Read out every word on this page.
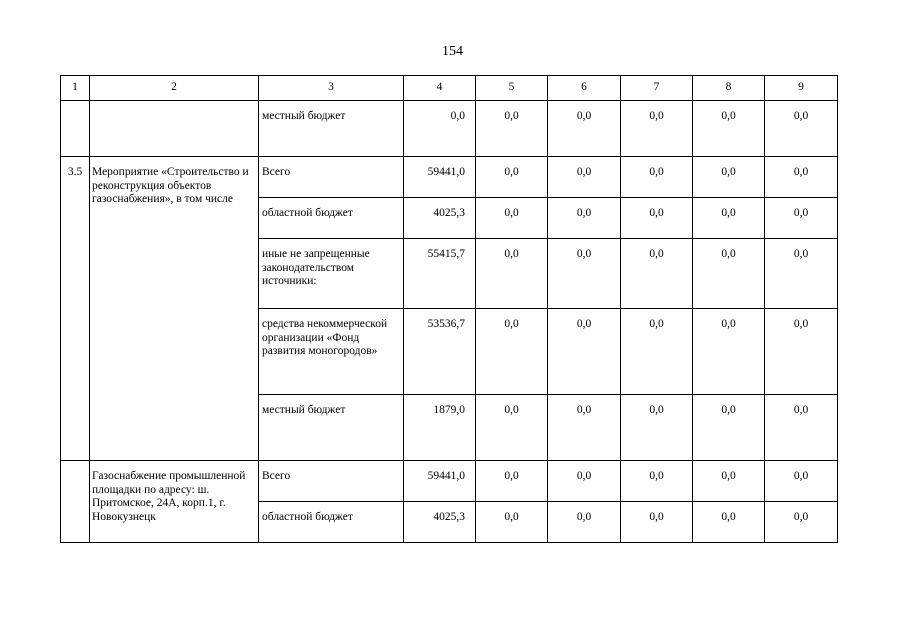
154
1	2	3	4	5	6	7	8	9
		местный бюджет	0,0	0,0	0,0	0,0	0,0	0,0
3.5	Мероприятие «Строительство и реконструкция объектов газоснабжения», в том числе	Всего	59441,0	0,0	0,0	0,0	0,0	0,0
		областной бюджет	4025,3	0,0	0,0	0,0	0,0	0,0
		иные не запрещенные законодательством источники:	55415,7	0,0	0,0	0,0	0,0	0,0
		средства некоммерческой организации «Фонд развития моногородов»	53536,7	0,0	0,0	0,0	0,0	0,0
		местный бюджет	1879,0	0,0	0,0	0,0	0,0	0,0
	Газоснабжение промышленной площадки по адресу: ш. Притомское, 24А, корп.1, г. Новокузнецк	Всего	59441,0	0,0	0,0	0,0	0,0	0,0
		областной бюджет	4025,3	0,0	0,0	0,0	0,0	0,0
